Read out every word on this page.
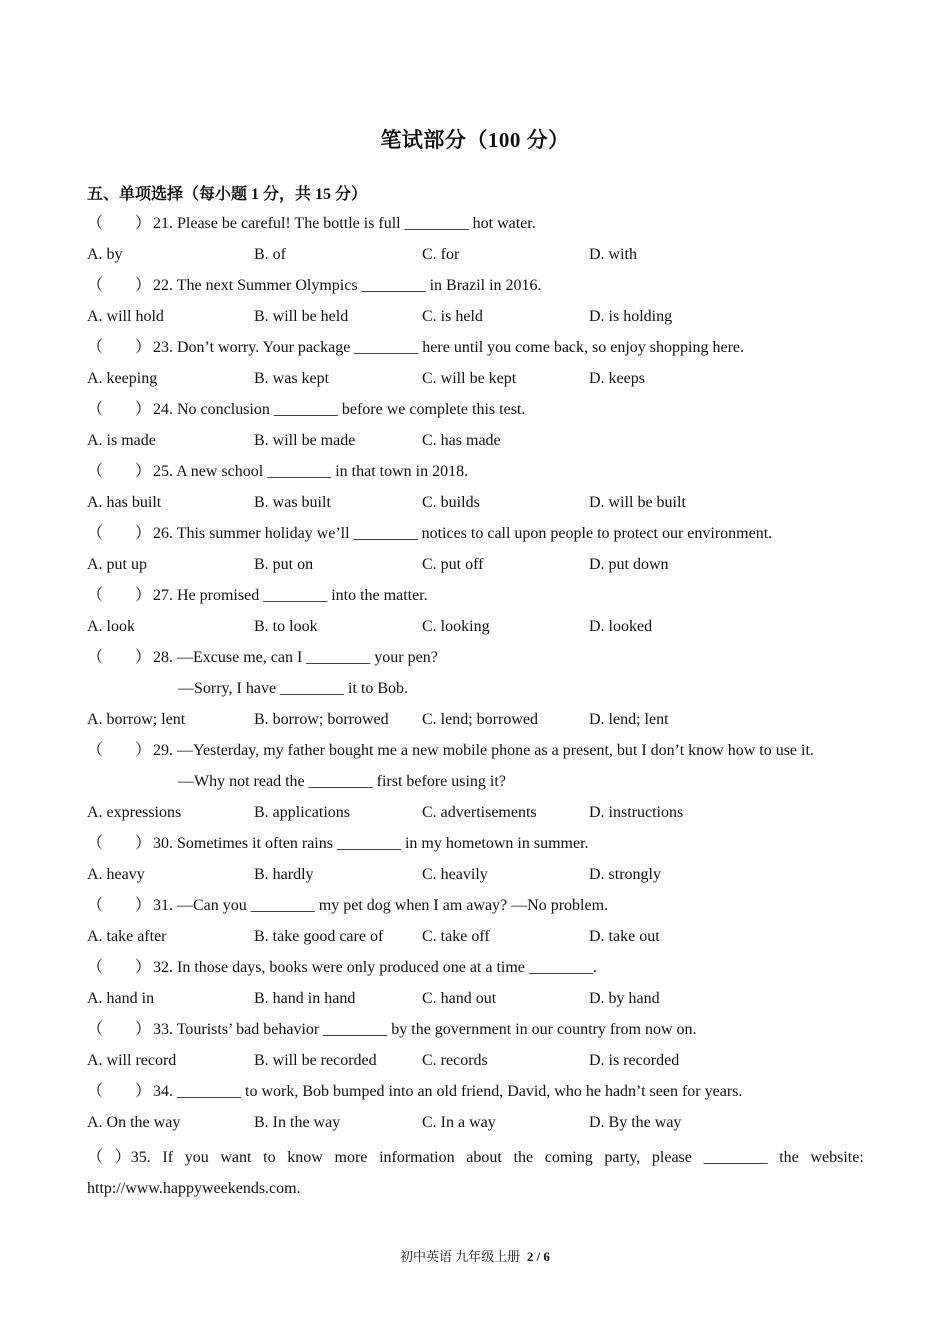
笔试部分（100 分）
五、单项选择（每小题 1 分，共 15 分）
（　　） 21. Please be careful! The bottle is full ________ hot water.
A. by	B. of	C. for	D. with
（　　） 22. The next Summer Olympics ________ in Brazil in 2016.
A. will hold	B. will be held	C. is held	D. is holding
（　　） 23. Don’t worry. Your package ________ here until you come back, so enjoy shopping here.
A. keeping	B. was kept	C. will be kept	D. keeps
（　　） 24. No conclusion ________ before we complete this test.
A. is made	B. will be made	C. has made
（　　） 25. A new school ________ in that town in 2018.
A. has built	B. was built	C. builds	D. will be built
（　　） 26. This summer holiday we’ll ________ notices to call upon people to protect our environment.
A. put up	B. put on	C. put off	D. put down
（　　） 27. He promised ________ into the matter.
A. look	B. to look	C. looking	D. looked
（　　） 28. —Excuse me, can I ________ your pen?
—Sorry, I have ________ it to Bob.
A. borrow; lent	B. borrow; borrowed C. lend; borrowed	D. lend; lent
（　　） 29. —Yesterday, my father bought me a new mobile phone as a present, but I don’t know how to use it.
—Why not read the ________ first before using it?
A. expressions	B. applications	C. advertisements	D. instructions
（　　） 30. Sometimes it often rains ________ in my hometown in summer.
A. heavy	B. hardly	C. heavily	D. strongly
（　　） 31. —Can you ________ my pet dog when I am away? —No problem.
A. take after	B. take good care of C. take off	D. take out
（　　） 32. In those days, books were only produced one at a time ________.
A. hand in	B. hand in hand	C. hand out	D. by hand
（　　） 33. Tourists’ bad behavior ________ by the government in our country from now on.
A. will record	B. will be recorded	C. records	D. is recorded
（　　） 34. ________ to work, Bob bumped into an old friend, David, who he hadn’t seen for years.
A. On the way	B. In the way	C. In a way	D. By the way
（ ）35. If you want to know more information about the coming party, please ________ the website:
http://www.happyweekends.com.
初中英语 九年级上册 2 / 6
